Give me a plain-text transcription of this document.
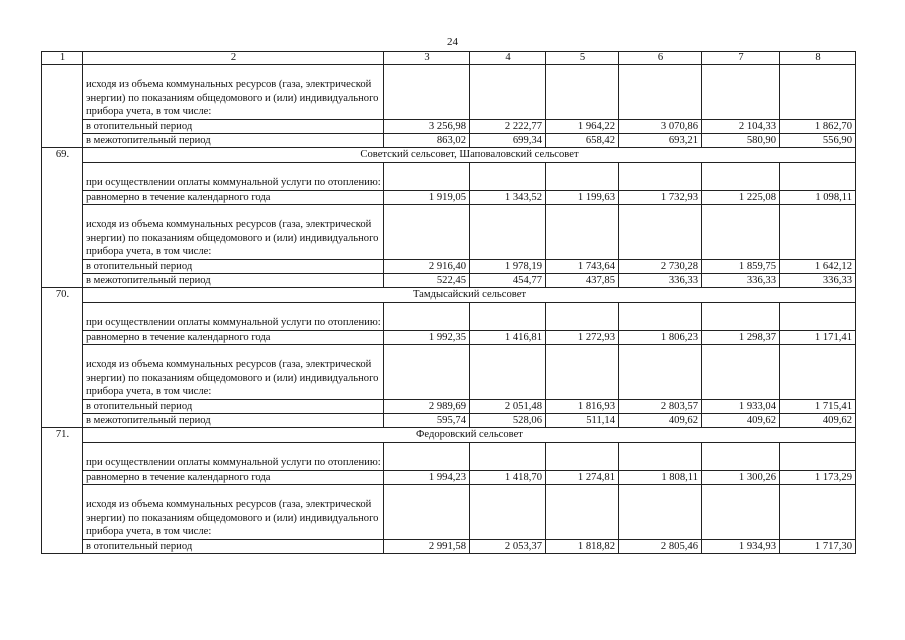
24
1	2	3	4	5	6	7	8
	исходя из объема коммунальных ресурсов (газа, электрической энергии) по показаниям общедомового и (или) индивидуального прибора учета, в том числе:						
	в отопительный период	3 256,98	2 222,77	1 964,22	3 070,86	2 104,33	1 862,70
	в межотопительный период	863,02	699,34	658,42	693,21	580,90	556,90
69.	Советский сельсовет, Шаповаловский сельсовет						
	при осуществлении оплаты коммунальной услуги по отоплению:						
	равномерно в течение календарного года	1 919,05	1 343,52	1 199,63	1 732,93	1 225,08	1 098,11
	исходя из объема коммунальных ресурсов (газа, электрической энергии) по показаниям общедомового и (или) индивидуального прибора учета, в том числе:						
	в отопительный период	2 916,40	1 978,19	1 743,64	2 730,28	1 859,75	1 642,12
	в межотопительный период	522,45	454,77	437,85	336,33	336,33	336,33
70.	Тамдысайский сельсовет						
	при осуществлении оплаты коммунальной услуги по отоплению:						
	равномерно в течение календарного года	1 992,35	1 416,81	1 272,93	1 806,23	1 298,37	1 171,41
	исходя из объема коммунальных ресурсов (газа, электрической энергии) по показаниям общедомового и (или) индивидуального прибора учета, в том числе:						
	в отопительный период	2 989,69	2 051,48	1 816,93	2 803,57	1 933,04	1 715,41
	в межотопительный период	595,74	528,06	511,14	409,62	409,62	409,62
71.	Федоровский сельсовет						
	при осуществлении оплаты коммунальной услуги по отоплению:						
	равномерно в течение календарного года	1 994,23	1 418,70	1 274,81	1 808,11	1 300,26	1 173,29
	исходя из объема коммунальных ресурсов (газа, электрической энергии) по показаниям общедомового и (или) индивидуального прибора учета, в том числе:						
	в отопительный период	2 991,58	2 053,37	1 818,82	2 805,46	1 934,93	1 717,30
